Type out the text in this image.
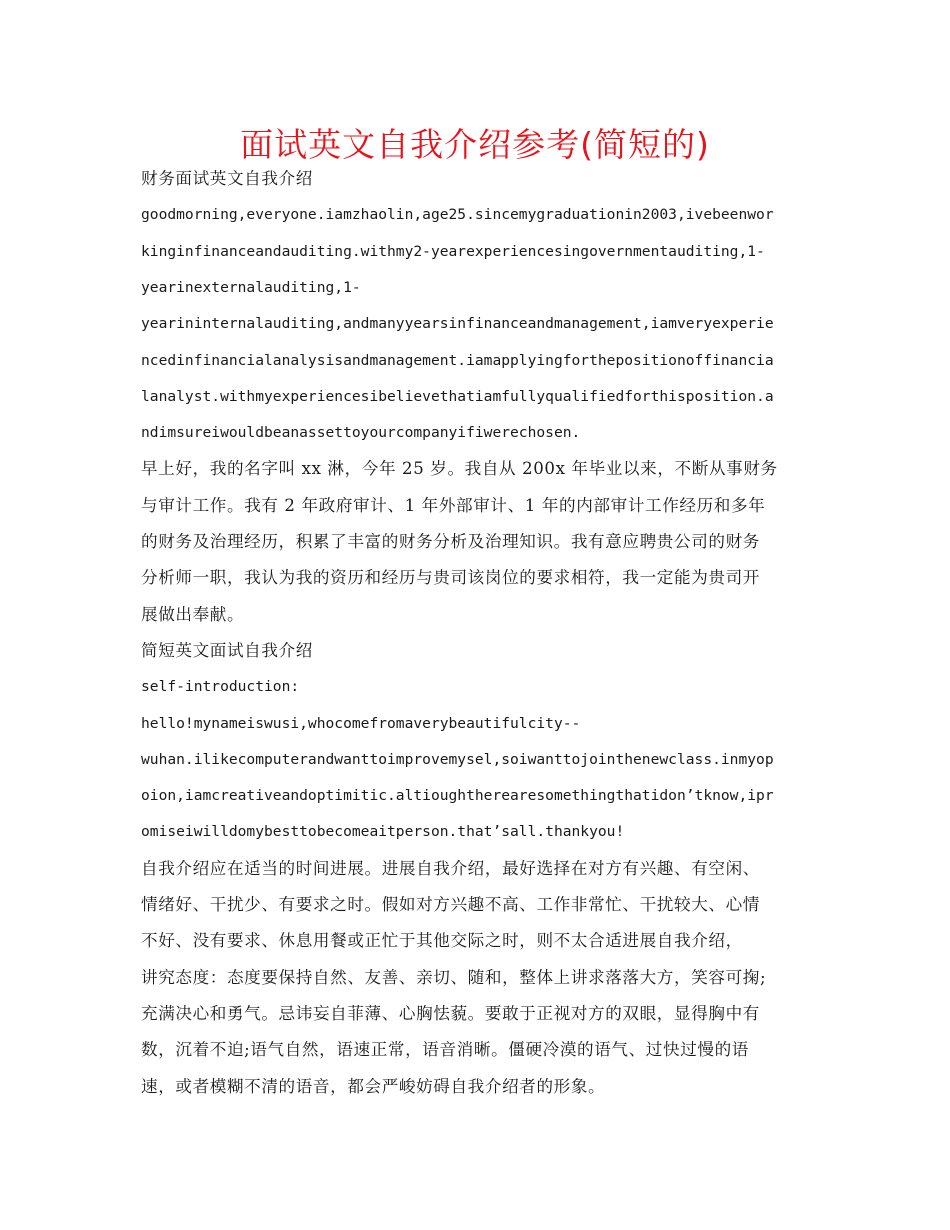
面试英文自我介绍参考(简短的)
财务面试英文自我介绍
goodmorning,everyone.iamzhaolin,age25.sincemygraduationin2003,ivebeenwor
kinginfinanceandauditing.withmy2-yearexperiencesingovernmentauditing,1-
yearinexternalauditing,1-
yearininternalauditing,andmanyyearsinfinanceandmanagement,iamveryexperie
ncedinfinancialanalysisandmanagement.iamapplyingforthepositionoffinancia
lanalyst.withmyexperiencesibelievethatiamfullyqualifiedforthisposition.a
ndimsureiwouldbeanassettoyourcompanyifiwerechosen.
早上好，我的名字叫 xx 淋，今年 25 岁。我自从 200x 年毕业以来，不断从事财务
与审计工作。我有 2 年政府审计、1 年外部审计、1 年的内部审计工作经历和多年
的财务及治理经历，积累了丰富的财务分析及治理知识。我有意应聘贵公司的财务
分析师一职，我认为我的资历和经历与贵司该岗位的要求相符，我一定能为贵司开
展做出奉献。
简短英文面试自我介绍
self-introduction:
hello!mynameiswusi,whocomefromaverybeautifulcity--
wuhan.ilikecomputerandwanttoimprovemysel,soiwanttojointhenewclass.inmyop
oion,iamcreativeandoptimitic.altioughtherearesomethingthatidon’tknow,ipr
omiseiwilldomybesttobecomeaitperson.that’sall.thankyou!
自我介绍应在适当的时间进展。进展自我介绍，最好选择在对方有兴趣、有空闲、
情绪好、干扰少、有要求之时。假如对方兴趣不高、工作非常忙、干扰较大、心情
不好、没有要求、休息用餐或正忙于其他交际之时，则不太合适进展自我介绍，
讲究态度：态度要保持自然、友善、亲切、随和，整体上讲求落落大方，笑容可掬;
充满决心和勇气。忌讳妄自菲薄、心胸怯藐。要敢于正视对方的双眼，显得胸中有
数，沉着不迫;语气自然，语速正常，语音消晰。僵硬冷漠的语气、过快过慢的语
速，或者模糊不清的语音，都会严峻妨碍自我介绍者的形象。
